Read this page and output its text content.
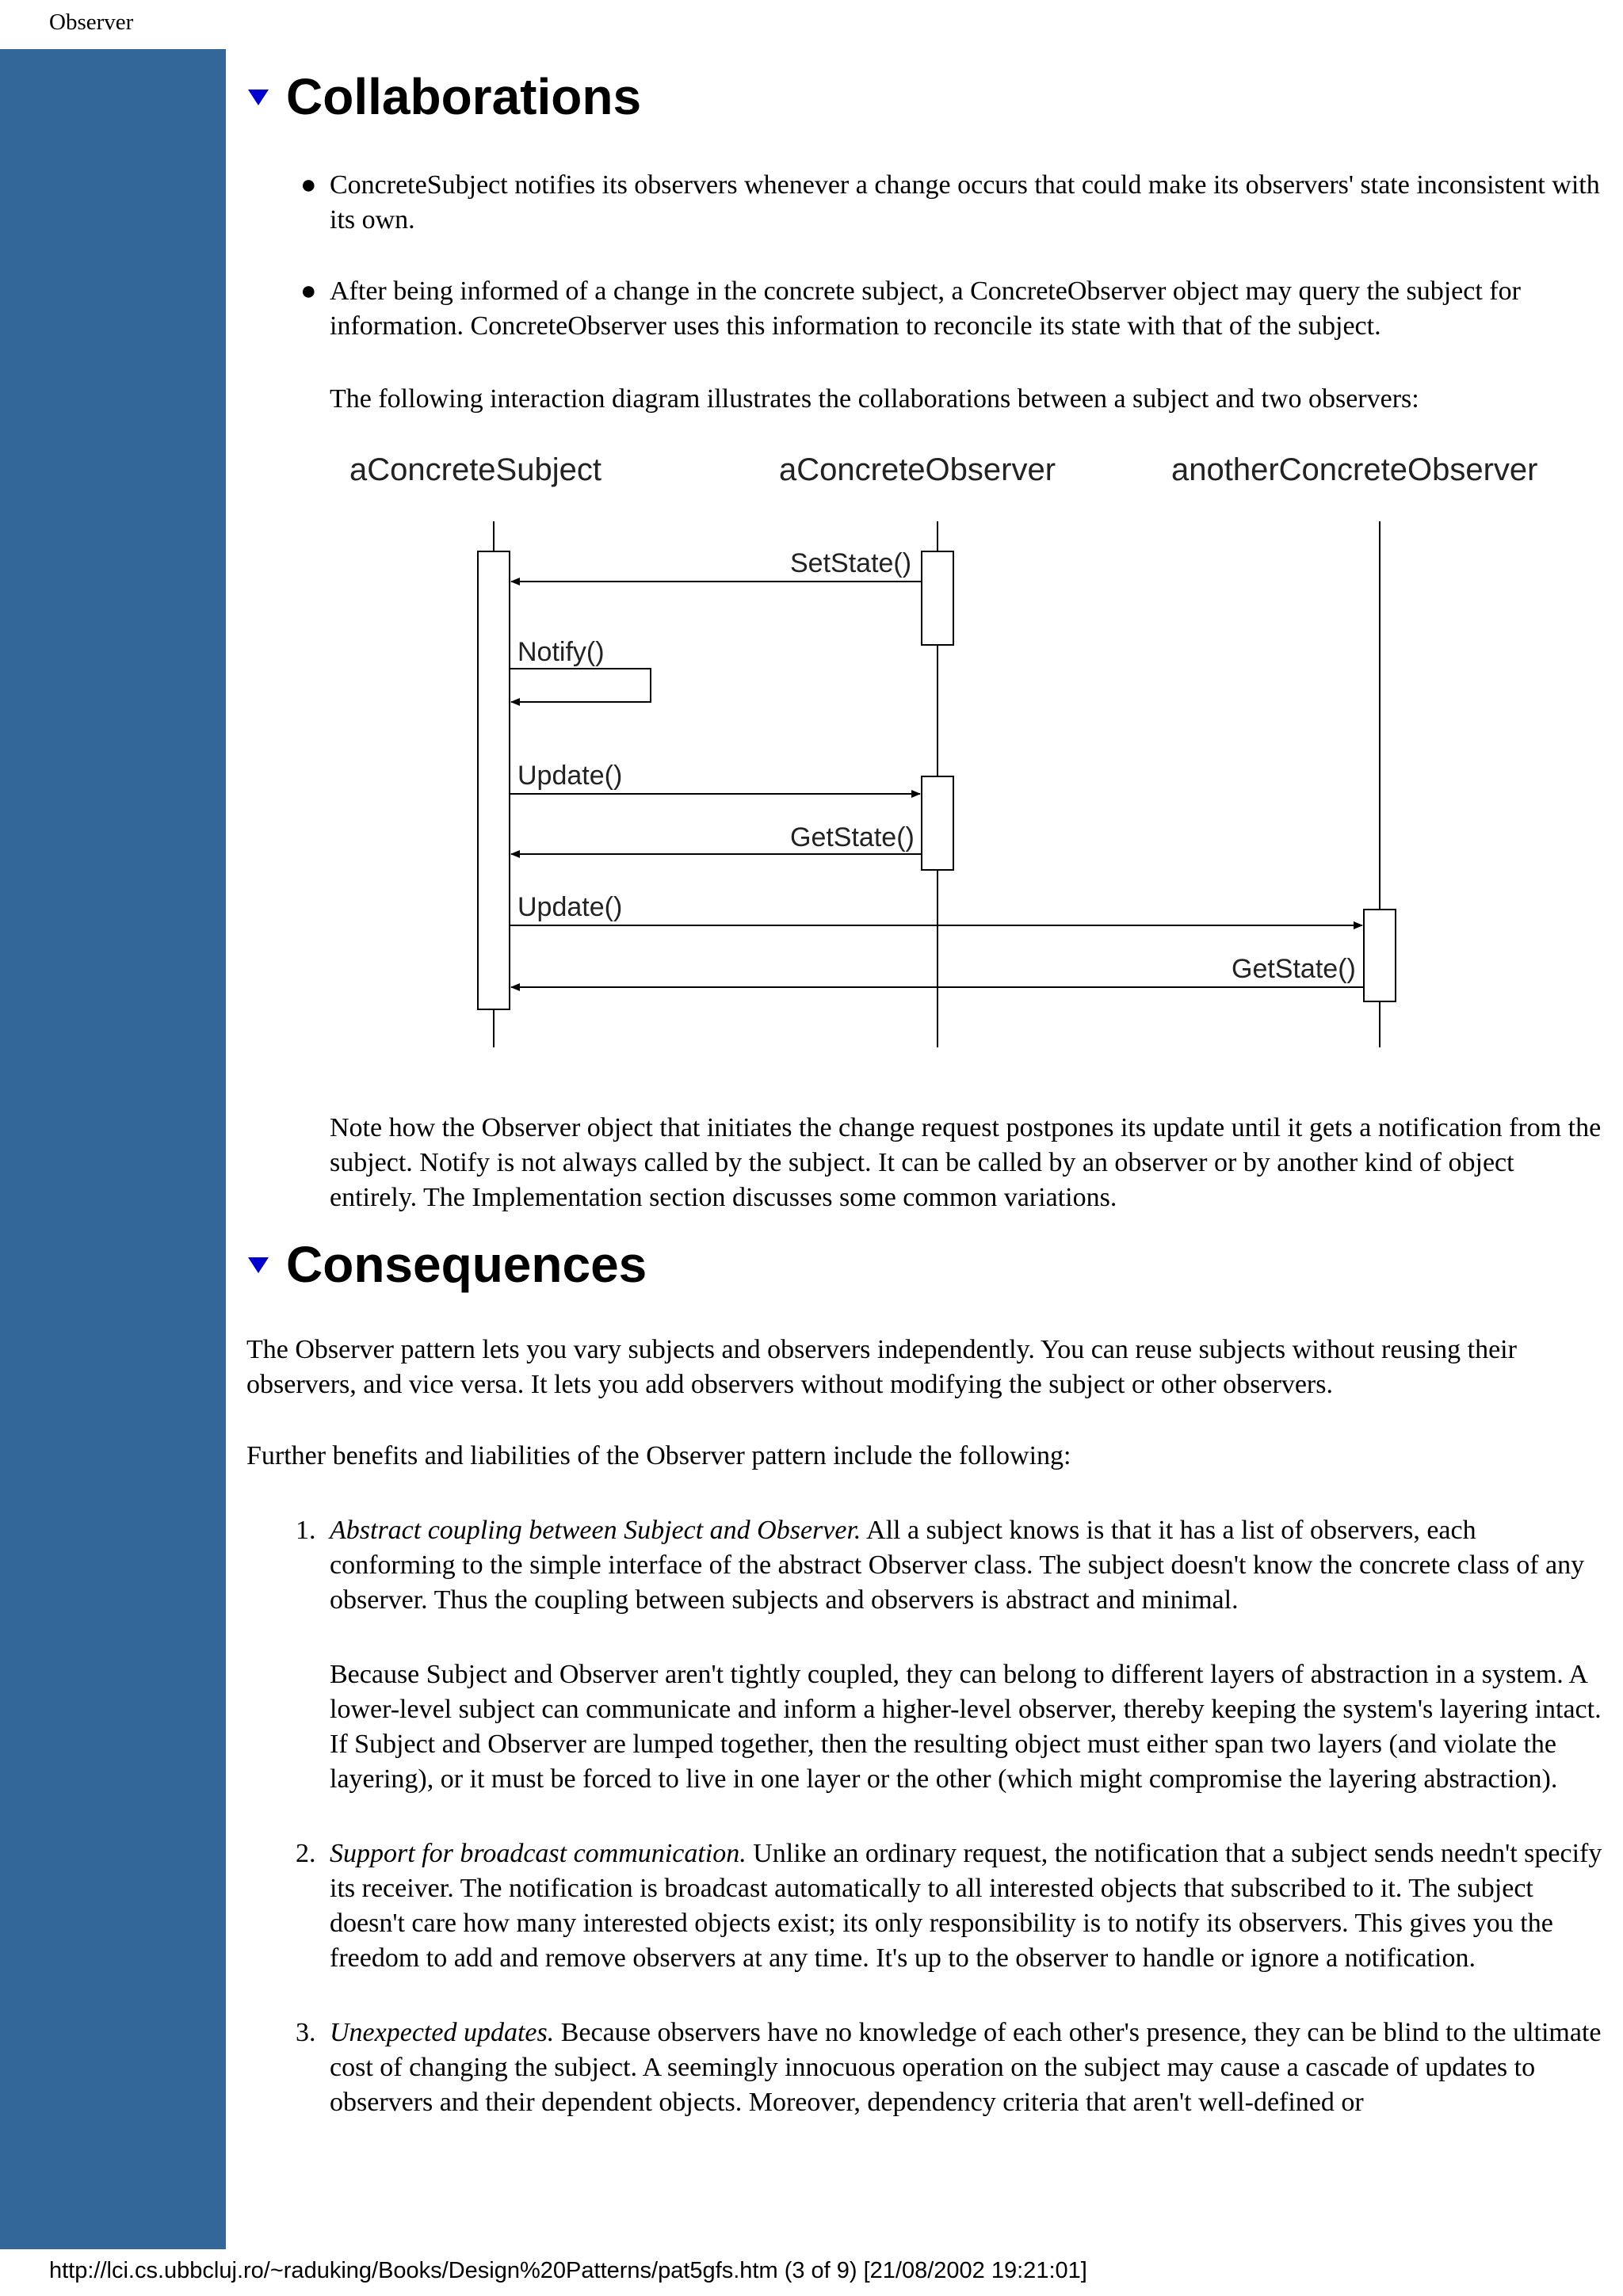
Observer
Collaborations
● ConcreteSubject notifies its observers whenever a change occurs that could make its observers' state inconsistent with its own.
● After being informed of a change in the concrete subject, a ConcreteObserver object may query the subject for information. ConcreteObserver uses this information to reconcile its state with that of the subject.

The following interaction diagram illustrates the collaborations between a subject and two observers:

aConcreteSubject	aConcreteObserver	anotherConcreteObserver
SetState()
Notify()
Update()
GetState()
Update()
GetState()

Note how the Observer object that initiates the change request postpones its update until it gets a notification from the subject. Notify is not always called by the subject. It can be called by an observer or by another kind of object entirely. The Implementation section discusses some common variations.

Consequences

The Observer pattern lets you vary subjects and observers independently. You can reuse subjects without reusing their observers, and vice versa. It lets you add observers without modifying the subject or other observers.

Further benefits and liabilities of the Observer pattern include the following:

1. Abstract coupling between Subject and Observer. All a subject knows is that it has a list of observers, each conforming to the simple interface of the abstract Observer class. The subject doesn't know the concrete class of any observer. Thus the coupling between subjects and observers is abstract and minimal.

Because Subject and Observer aren't tightly coupled, they can belong to different layers of abstraction in a system. A lower-level subject can communicate and inform a higher-level observer, thereby keeping the system's layering intact. If Subject and Observer are lumped together, then the resulting object must either span two layers (and violate the layering), or it must be forced to live in one layer or the other (which might compromise the layering abstraction).

2. Support for broadcast communication. Unlike an ordinary request, the notification that a subject sends needn't specify its receiver. The notification is broadcast automatically to all interested objects that subscribed to it. The subject doesn't care how many interested objects exist; its only responsibility is to notify its observers. This gives you the freedom to add and remove observers at any time. It's up to the observer to handle or ignore a notification.
3. Unexpected updates. Because observers have no knowledge of each other's presence, they can be blind to the ultimate cost of changing the subject. A seemingly innocuous operation on the subject may cause a cascade of updates to observers and their dependent objects. Moreover, dependency criteria that aren't well-defined or
http://lci.cs.ubbcluj.ro/~raduking/Books/Design%20Patterns/pat5gfs.htm (3 of 9) [21/08/2002 19:21:01]
